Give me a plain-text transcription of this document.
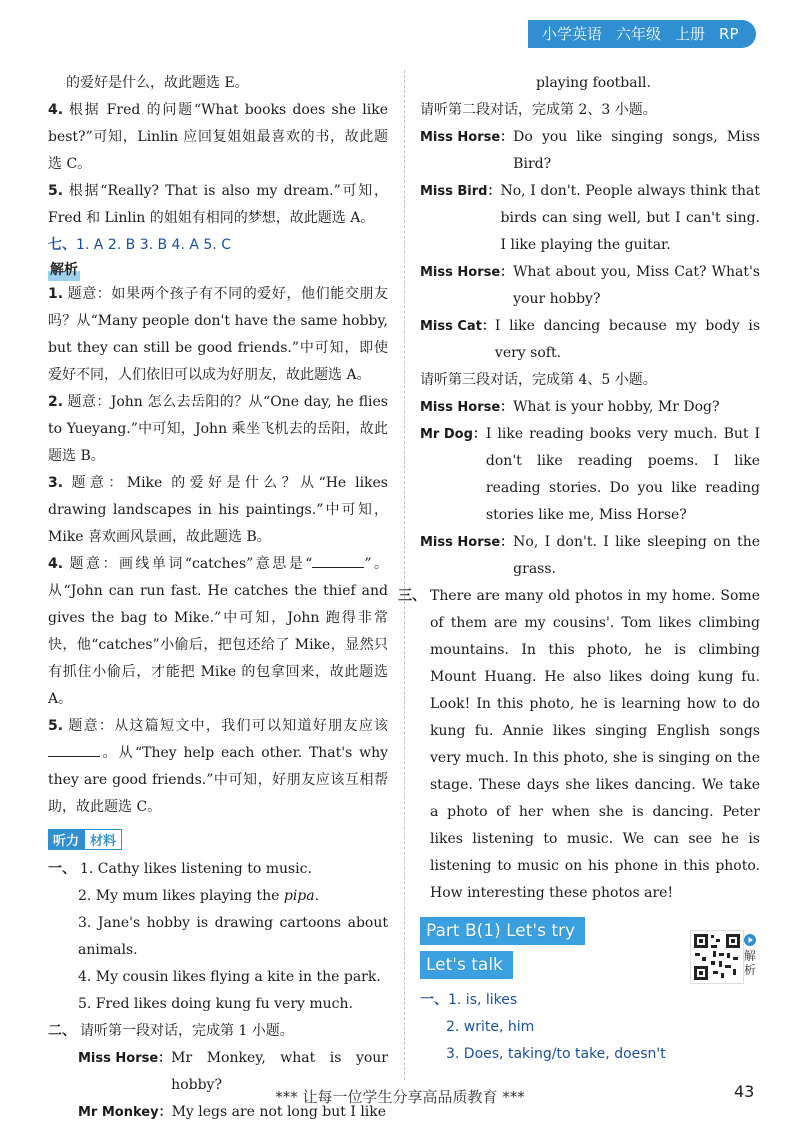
小学英语 六年级 上册 RP

的爱好是什么，故此题选 E。

4. 根据 Fred 的问题“What books does she like best?”可知，Linlin 应回复姐姐最喜欢的书，故此题选 C。

5. 根据“Really? That is also my dream.”可知，Fred 和 Linlin 的姐姐有相同的梦想，故此题选 A。

七、1. A 2. B 3. B 4. A 5. C

解析

1. 题意：如果两个孩子有不同的爱好，他们能交朋友吗？从“Many people don't have the same hobby, but they can still be good friends.”中可知，即使爱好不同，人们依旧可以成为好朋友，故此题选 A。

2. 题意：John 怎么去岳阳的？从“One day, he flies to Yueyang.”中可知，John 乘坐飞机去的岳阳，故此题选 B。

3. 题意：Mike 的爱好是什么？从“He likes drawing landscapes in his paintings.”中可知，Mike 喜欢画风景画，故此题选 B。

4. 题意：画线单词“catches”意思是“	”。从“John can run fast. He catches the thief and gives the bag to Mike.”中可知，John 跑得非常快，他“catches”小偷后，把包还给了 Mike，显然只有抓住小偷后，才能把 Mike 的包拿回来，故此题选 A。

5. 题意：从这篇短文中，我们可以知道好朋友应该。从“They help each other. That's why they are good friends.”中可知，好朋友应该互相帮助，故此题选 C。

听力 材料

一、 1. Cathy likes listening to music.

2. My mum likes playing the pipa.

3. Jane's hobby is drawing cartoons about animals.

4. My cousin likes flying a kite in the park.

5. Fred likes doing kung fu very much.

二、 请听第一段对话，完成第 1 小题。

Miss Horse： Mr Monkey, what is your hobby?

Mr Monkey： My legs are not long but I like

playing football.

请听第二段对话，完成第 2、3 小题。

Miss Horse： Do you like singing songs, Miss Bird?

Miss Bird： No, I don't. People always think that birds can sing well, but I can't sing. I like playing the guitar.

Miss Horse： What about you, Miss Cat? What's your hobby?

Miss Cat： I like dancing because my body is very soft.

请听第三段对话，完成第 4、5 小题。

Miss Horse： What is your hobby, Mr Dog?

Mr Dog： I like reading books very much. But I don't like reading poems. I like reading stories. Do you like reading stories like me, Miss Horse?

Miss Horse： No, I don't. I like sleeping on the grass.

三、 There are many old photos in my home. Some of them are my cousins'. Tom likes climbing mountains. In this photo, he is climbing Mount Huang. He also likes doing kung fu. Look! In this photo, he is learning how to do kung fu. Annie likes singing English songs very much. In this photo, she is singing on the stage. These days she likes dancing. We take a photo of her when she is dancing. Peter likes listening to music. We can see he is listening to music on his phone in this photo. How interesting these photos are!

Part B(1) Let's try
Let's talk

一、1. is, likes

2. write, him

3. Does, taking/to take, doesn't

解析
*** 让每一位学生分享高品质教育 ***	43
